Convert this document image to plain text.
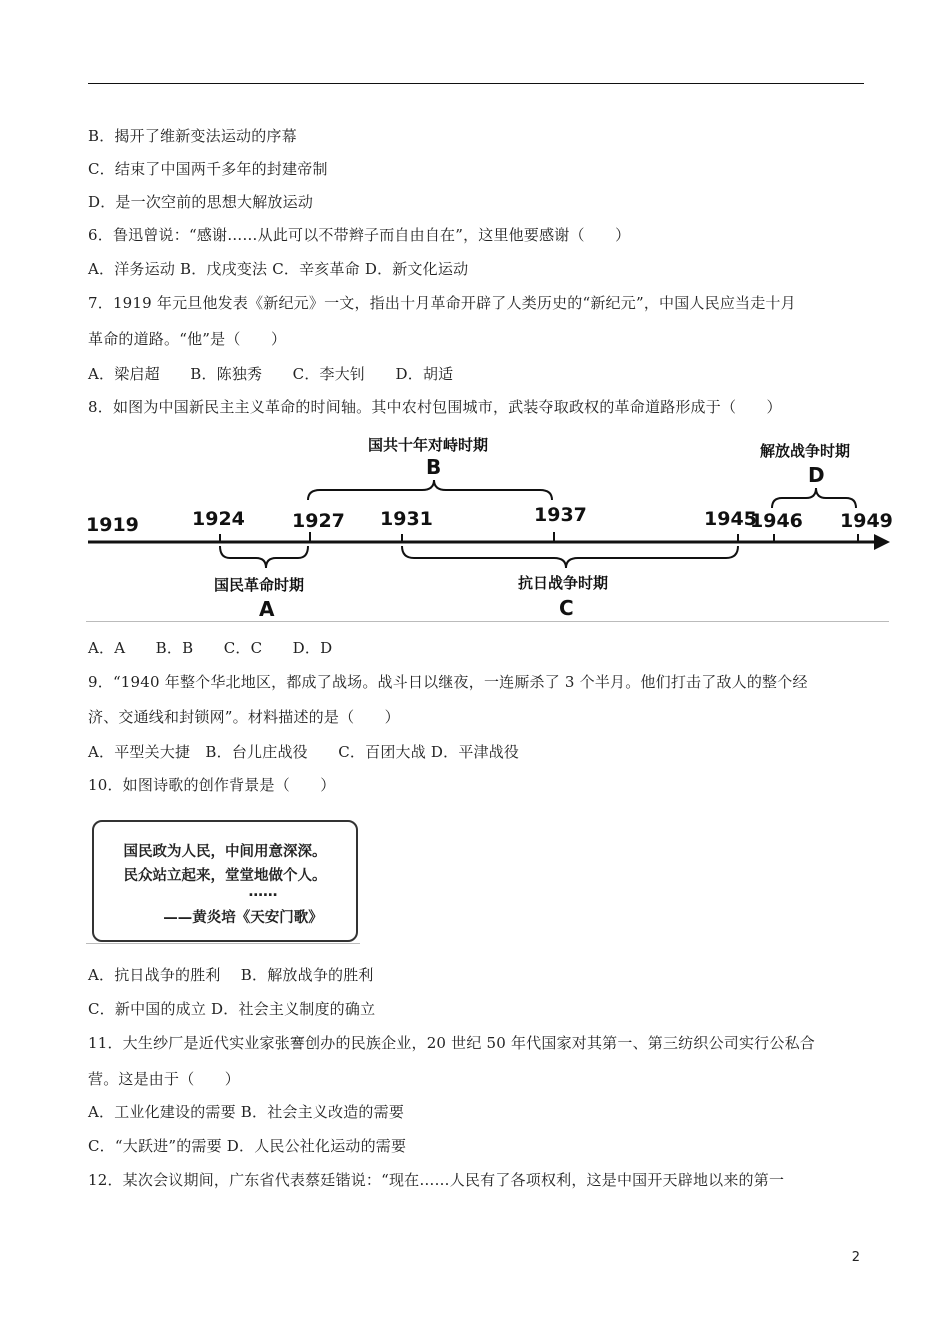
B．揭开了维新变法运动的序幕
C．结束了中国两千多年的封建帝制
D．是一次空前的思想大解放运动
6．鲁迅曾说：“感谢……从此可以不带辫子而自由自在”，这里他要感谢（　　）
A．洋务运动 B．戊戌变法 C．辛亥革命 D．新文化运动
7．1919 年元旦他发表《新纪元》一文，指出十月革命开辟了人类历史的“新纪元”，中国人民应当走十月
革命的道路。“他”是（　　）
A．梁启超　　B．陈独秀　　C．李大钊　　D．胡适
8．如图为中国新民主主义革命的时间轴。其中农村包围城市，武装夺取政权的革命道路形成于（　　）
1919	1924 1927 1931	1937	1945
1946 1949
国共十年对峙时期
B
解放战争时期
D
国民革命时期
A
抗日战争时期
C
A．A　　B．B　　C．C　　D．D
9．“1940 年整个华北地区，都成了战场。战斗日以继夜，一连厮杀了 3 个半月。他们打击了敌人的整个经
济、交通线和封锁网”。材料描述的是（　　）
A．平型关大捷　B．台儿庄战役　　C．百团大战 D．平津战役
10．如图诗歌的创作背景是（　　）
国民政为人民，中间用意深深。
民众站立起来，堂堂地做个人。
……
——黄炎培《天安门歌》
A．抗日战争的胜利　 B．解放战争的胜利
C．新中国的成立 D．社会主义制度的确立
11．大生纱厂是近代实业家张謇创办的民族企业，20 世纪 50 年代国家对其第一、第三纺织公司实行公私合
营。这是由于（　　）
A．工业化建设的需要 B．社会主义改造的需要
C．“大跃进”的需要 D．人民公社化运动的需要
12．某次会议期间，广东省代表蔡廷锴说：“现在……人民有了各项权利，这是中国开天辟地以来的第一
2
